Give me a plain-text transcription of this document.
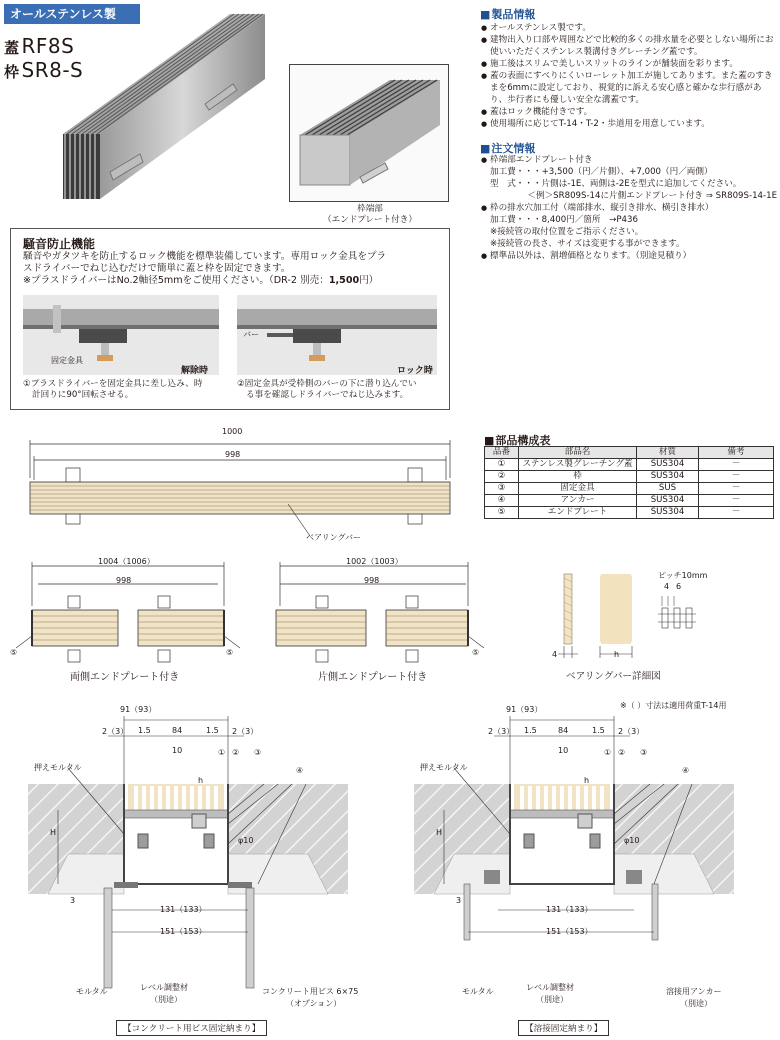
オールステンレス製
蓋 RF8S
枠 SR8-S
枠端部
（エンドプレート付き）
■ 製品情報
● オールステンレス製です。
● 建物出入り口部や周囲などで比較的多くの排水量を必要としない場所にお使いいただくステンレス製溝付きグレーチング蓋です。
● 施工後はスリムで美しいスリットのラインが舗装面を彩ります。
● 蓋の表面にすべりにくいローレット加工が施してあります。また蓋のすきまを6mmに設定しており、視覚的に訴える安心感と確かな歩行感があり、歩行者にも優しい安全な溝蓋です。
● 蓋はロック機能付きです。
● 使用場所に応じてT-14・T-2・歩道用を用意しています。
■ 注文情報
● 枠端部エンドプレート付き
加工費・・・+3,500（円／片側）、+7,000（円／両側）
型　式・・・片側は-1E、両側は-2Eを型式に追加してください。
＜例＞SR809S-14に片側エンドプレート付き ⇒ SR809S-14-1E
● 枠の排水穴加工付（端部排水、縦引き排水、横引き排水）
加工費・・・8,400円／箇所　→P436
※接続管の取付位置をご指示ください。
※接続管の長さ、サイズは変更する事ができます。
● 標準品以外は、割増価格となります。（別途見積り）
騒音防止機能
騒音やガタツキを防止するロック機能を標準装備しています。専用ロック金具をプラ
スドライバーでねじ込むだけで簡単に蓋と枠を固定できます。
※プラスドライバーはNo.2軸径5mmをご使用ください。（DR-2 別売：1,500円）
固定金具
解除時
バー
ロック時
①プラスドライバーを固定金具に差し込み、時
計回りに90°回転させる。
②固定金具が受枠側のバーの下に潜り込んでい
る事を確認しドライバーでねじ込みます。
■ 部品構成表
品番	部品名	材質	備考
①	ステンレス製グレーチング蓋	SUS304	－
②	枠	SUS304	－
③	固定金具	SUS	－
④	アンカー	SUS304	－
⑤	エンドプレート	SUS304	－
1000
998
ベアリングバー
1004（1006）
998
⑤	⑤
両側エンドプレート付き
1002（1003）
998
⑤
片側エンドプレート付き
ピッチ10mm
4 6
4	h
ベアリングバー詳細図
※（ ）寸法は適用荷重T-14用
91（93）
2（3） 1.5	84	1.5 2（3）
10	① ② ③
④
押えモルタル
h
H
φ10
3
131（133）
151（153）
モルタル	レベル調整材
（別途）
コンクリート用ビス 6×75
（オプション）
【コンクリート用ビス固定納まり】
91（93）
2（3） 1.5	84	1.5 2（3）
10	① ② ③
④
押えモルタル
h
H
φ10
3
131（133）
151（153）
モルタル	レベル調整材
（別途）
溶接用アンカー
（別途）
【溶接固定納まり】
